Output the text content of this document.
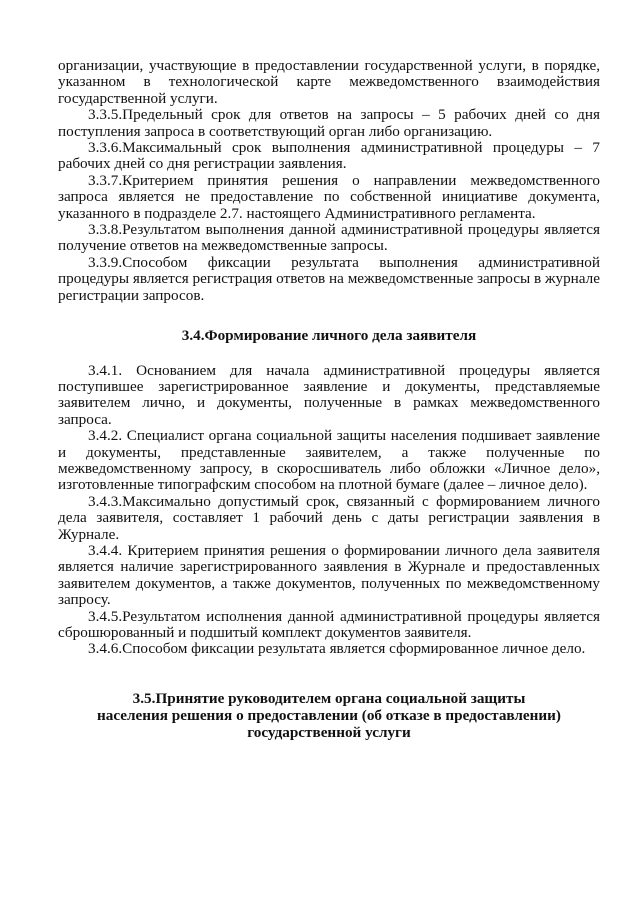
организации, участвующие в предоставлении государственной услуги, в порядке, указанном в технологической карте межведомственного взаимодействия государственной услуги.

3.3.5.Предельный срок для ответов на запросы – 5 рабочих дней со дня поступления запроса в соответствующий орган либо организацию.

3.3.6.Максимальный срок выполнения административной процедуры – 7 рабочих дней со дня регистрации заявления.

3.3.7.Критерием принятия решения о направлении межведомственного запроса является не предоставление по собственной инициативе документа, указанного в подразделе 2.7. настоящего Административного регламента.

3.3.8.Результатом выполнения данной административной процедуры является получение ответов на межведомственные запросы.

3.3.9.Способом фиксации результата выполнения административной процедуры является регистрация ответов на межведомственные запросы в журнале регистрации запросов.

3.4.Формирование личного дела заявителя

3.4.1. Основанием для начала административной процедуры является поступившее зарегистрированное заявление и документы, представляемые заявителем лично, и документы, полученные в рамках межведомственного запроса.

3.4.2. Специалист органа социальной защиты населения подшивает заявление и документы, представленные заявителем, а также полученные по межведомственному запросу, в скоросшиватель либо обложки «Личное дело», изготовленные типографским способом на плотной бумаге (далее – личное дело).

3.4.3.Максимально допустимый срок, связанный с формированием личного дела заявителя, составляет 1 рабочий день с даты регистрации заявления в Журнале.

3.4.4. Критерием принятия решения о формировании личного дела заявителя является наличие зарегистрированного заявления в Журнале и предоставленных заявителем документов, а также документов, полученных по межведомственному запросу.

3.4.5.Результатом исполнения данной административной процедуры является сброшюрованный и подшитый комплект документов заявителя.

3.4.6.Способом фиксации результата является сформированное личное дело.

3.5.Принятие руководителем органа социальной защиты
населения решения о предоставлении (об отказе в предоставлении)
государственной услуги
